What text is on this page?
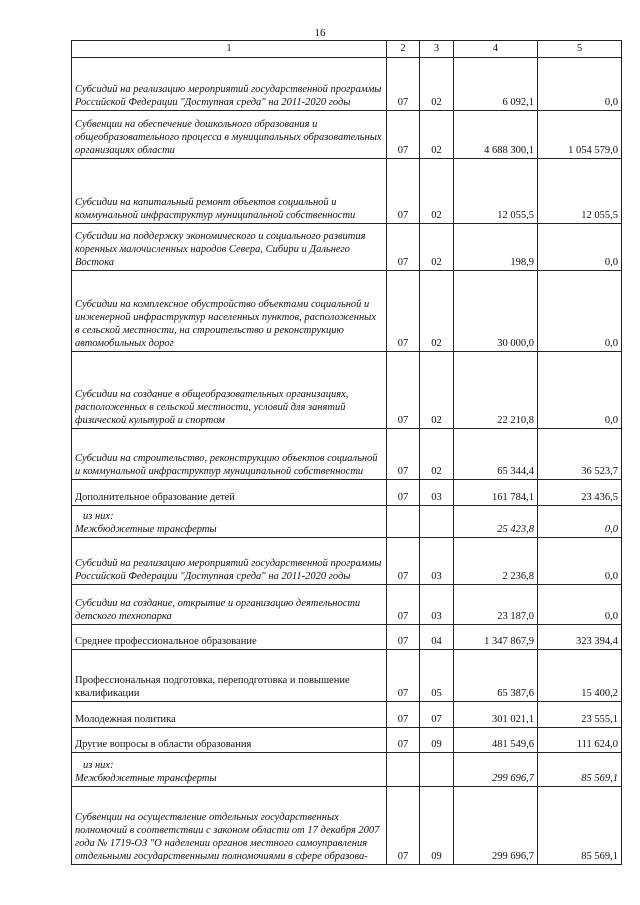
16
1	2	3	4	5
Субсидий на реализацию мероприятий государственной программы Российской Федерации "Доступная среда" на 2011-2020 годы	07	02	6 092,1	0,0
Субвенции на обеспечение дошкольного образования и общеобразовательного процесса в муниципальных образовательных организациях области	07	02	4 688 300,1	1 054 579,0
Субсидии на капитальный ремонт объектов социальной и коммунальной инфраструктур муниципальной собственности	07	02	12 055,5	12 055,5
Субсидии на поддержку экономического и социального развития коренных малочисленных народов Севера, Сибири и Дальнего Востока	07	02	198,9	0,0
Субсидии на комплексное обустройство объектами социальной и инженерной инфраструктур населенных пунктов, расположенных в сельской местности, на строительство и реконструкцию автомобильных дорог	07	02	30 000,0	0,0
Субсидии на создание в общеобразовательных организациях, расположенных в сельской местности, условий для занятий физической культурой и спортом	07	02	22 210,8	0,0
Субсидии на строительство, реконструкцию объектов социальной и коммунальной инфраструктур муниципальной собственности	07	02	65 344,4	36 523,7
Дополнительное образование детей	07	03	161 784,1	23 436,5
из них:
Межбюджетные трансферты			25 423,8	0,0
Субсидий на реализацию мероприятий государственной программы Российской Федерации "Доступная среда" на 2011-2020 годы	07	03	2 236,8	0,0
Субсидии на создание, открытие и организацию деятельности детского технопарка	07	03	23 187,0	0,0
Среднее профессиональное образование	07	04	1 347 867,9	323 394,4
Профессиональная подготовка, переподготовка и повышение квалификации	07	05	65 387,6	15 400,2
Молодежная политика	07	07	301 021,1	23 555,1
Другие вопросы в области образования	07	09	481 549,6	111 624,0
из них:
Межбюджетные трансферты			299 696,7	85 569,1
Субвенции на осуществление отдельных государственных полномочий в соответствии с законом области от 17 декабря 2007 года № 1719-ОЗ "О наделении органов местного самоуправления отдельными государственными полномочиями в сфере образова-	07	09	299 696,7	85 569,1
